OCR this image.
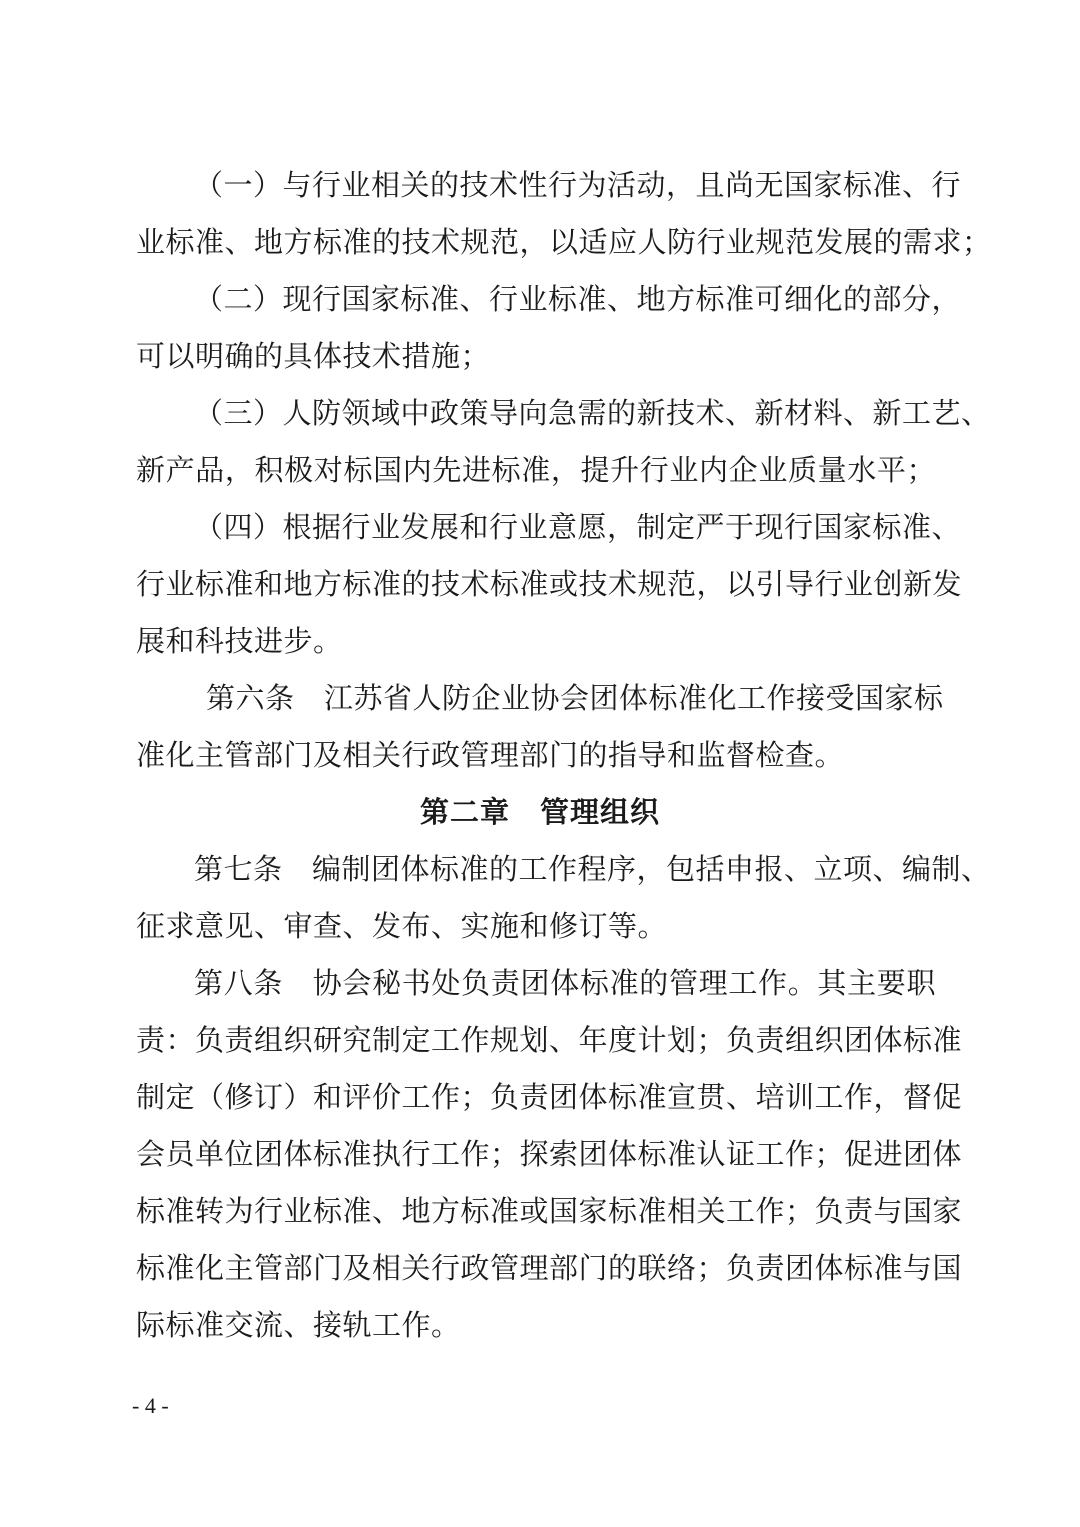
（一）与行业相关的技术性行为活动，且尚无国家标准、行
业标准、地方标准的技术规范，以适应人防行业规范发展的需求；
（二）现行国家标准、行业标准、地方标准可细化的部分，
可以明确的具体技术措施；
（三）人防领域中政策导向急需的新技术、新材料、新工艺、
新产品，积极对标国内先进标准，提升行业内企业质量水平；
（四）根据行业发展和行业意愿，制定严于现行国家标准、
行业标准和地方标准的技术标准或技术规范，以引导行业创新发
展和科技进步。
第六条　江苏省人防企业协会团体标准化工作接受国家标
准化主管部门及相关行政管理部门的指导和监督检查。
第二章　管理组织
第七条　编制团体标准的工作程序，包括申报、立项、编制、
征求意见、审查、发布、实施和修订等。
第八条　协会秘书处负责团体标准的管理工作。其主要职
责：负责组织研究制定工作规划、年度计划；负责组织团体标准
制定（修订）和评价工作；负责团体标准宣贯、培训工作，督促
会员单位团体标准执行工作；探索团体标准认证工作；促进团体
标准转为行业标准、地方标准或国家标准相关工作；负责与国家
标准化主管部门及相关行政管理部门的联络；负责团体标准与国
际标准交流、接轨工作。
- 4 -
